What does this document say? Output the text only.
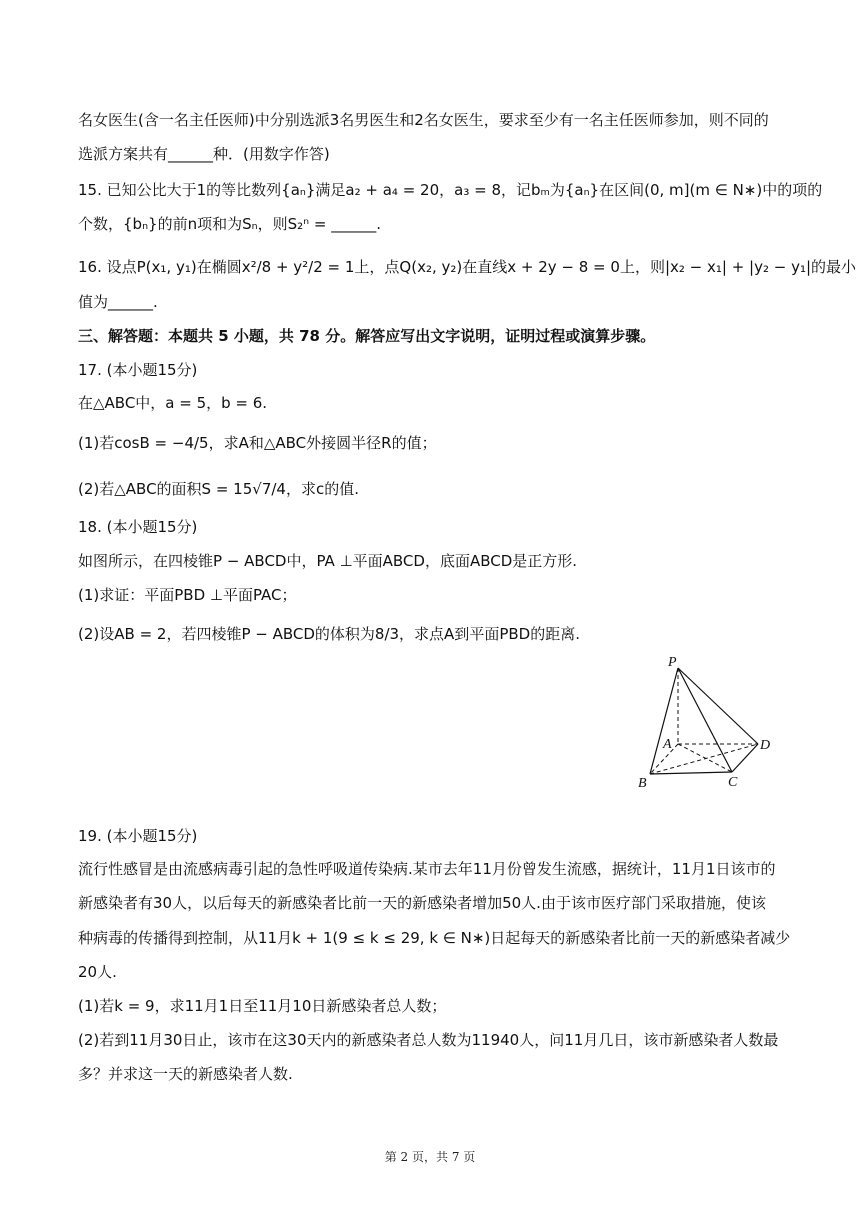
名女医生(含一名主任医师)中分别选派3名男医生和2名女医生，要求至少有一名主任医师参加，则不同的
选派方案共有______种．(用数字作答)
15. 已知公比大于1的等比数列{aₙ}满足a₂ + a₄ = 20，a₃ = 8，记bₘ为{aₙ}在区间(0, m](m ∈ N∗)中的项的
个数，{bₙ}的前n项和为Sₙ，则S₂ⁿ = ______.
16. 设点P(x₁, y₁)在椭圆x²/8 + y²/2 = 1上，点Q(x₂, y₂)在直线x + 2y − 8 = 0上，则|x₂ − x₁| + |y₂ − y₁|的最小
值为______.
三、解答题：本题共 5 小题，共 78 分。解答应写出文字说明，证明过程或演算步骤。
17. (本小题15分)
在△ABC中，a = 5，b = 6.
(1)若cosB = −4/5，求A和△ABC外接圆半径R的值；
(2)若△ABC的面积S = 15√7/4，求c的值.
18. (本小题15分)
如图所示，在四棱锥P − ABCD中，PA ⊥平面ABCD，底面ABCD是正方形.
(1)求证：平面PBD ⊥平面PAC；
(2)设AB = 2，若四棱锥P − ABCD的体积为8/3，求点A到平面PBD的距离.
P
A
B	C
D
19. (本小题15分)
流行性感冒是由流感病毒引起的急性呼吸道传染病.某市去年11月份曾发生流感，据统计，11月1日该市的
新感染者有30人，以后每天的新感染者比前一天的新感染者增加50人.由于该市医疗部门采取措施，使该
种病毒的传播得到控制，从11月k + 1(9 ≤ k ≤ 29, k ∈ N∗)日起每天的新感染者比前一天的新感染者减少
20人.
(1)若k = 9，求11月1日至11月10日新感染者总人数；
(2)若到11月30日止，该市在这30天内的新感染者总人数为11940人，问11月几日，该市新感染者人数最
多？并求这一天的新感染者人数.
第 2 页，共 7 页
